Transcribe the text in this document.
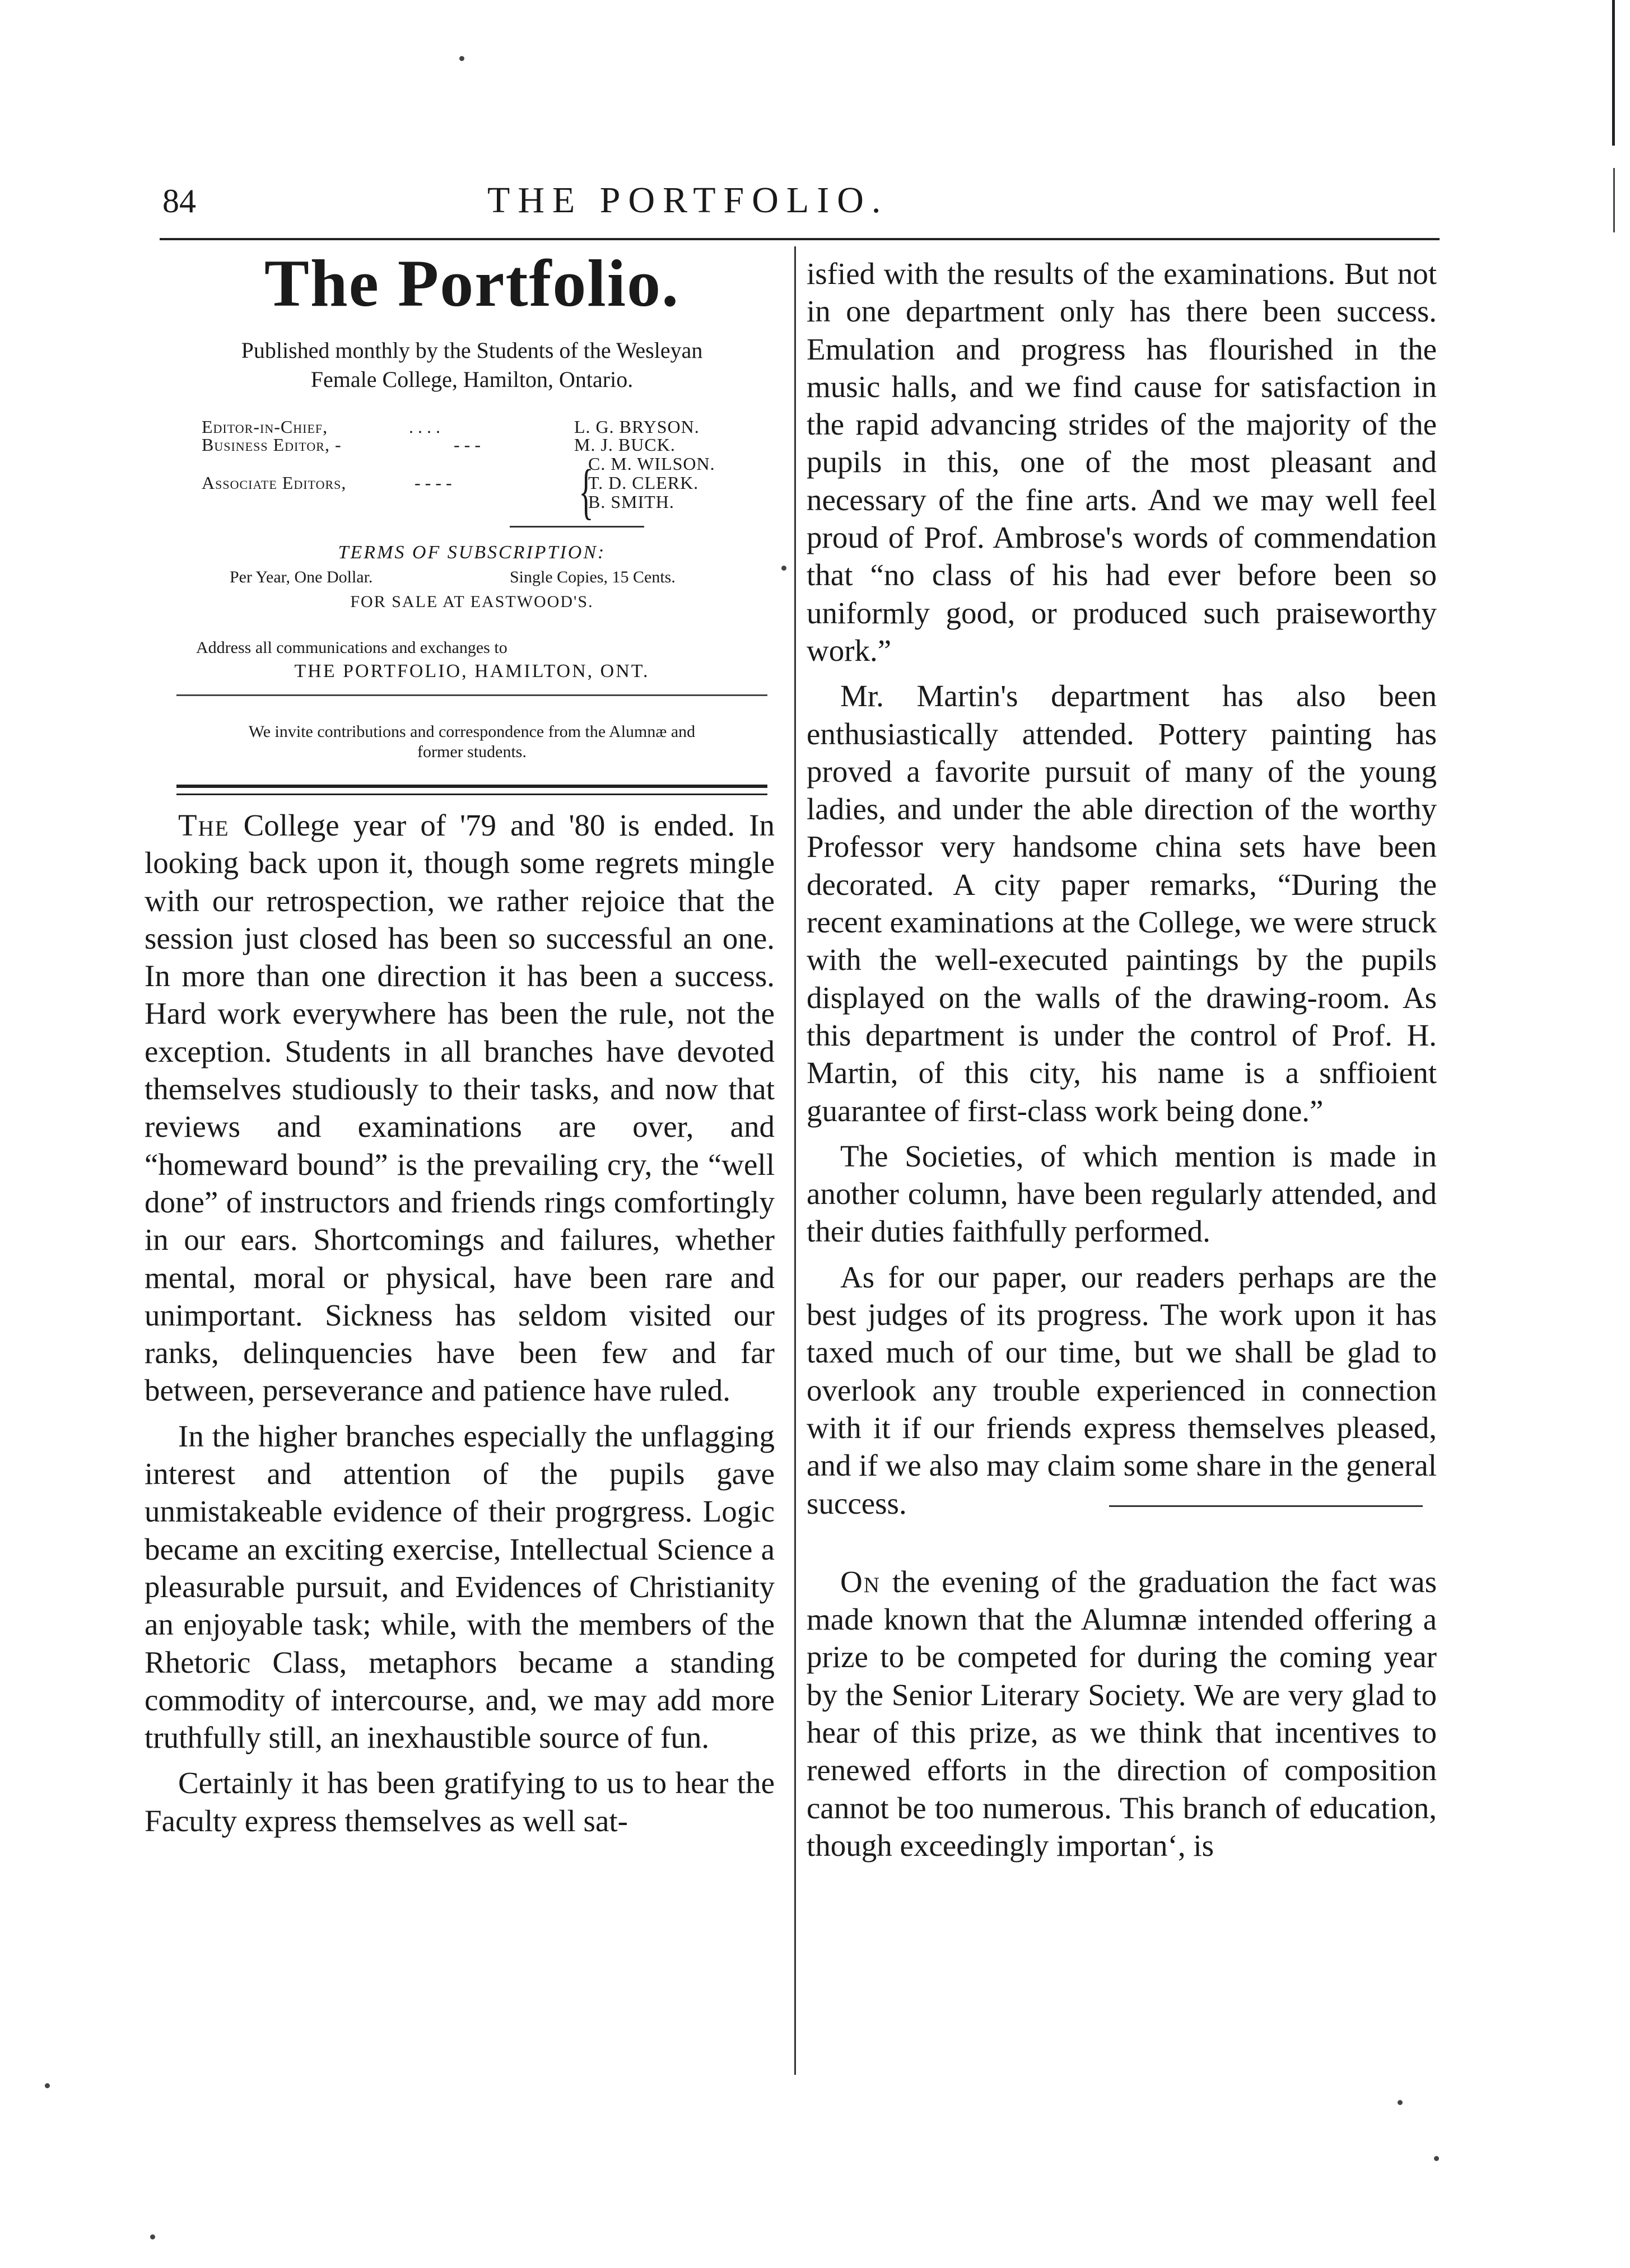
84	THE PORTFOLIO.
The Portfolio.
Published monthly by the Students of the Wesleyan
Female College, Hamilton, Ontario.
Editor-in-Chief,	. . . .	L. G. BRYSON.
Business Editor, -	- - -	M. J. BUCK.
Associate Editors,	- - - - {
C. M. WILSON.
T. D. CLERK.
B. SMITH.
TERMS OF SUBSCRIPTION:
Per Year, One Dollar.	Single Copies, 15 Cents.
FOR SALE AT EASTWOOD'S.
Address all communications and exchanges to
THE PORTFOLIO, HAMILTON, ONT.
We invite contributions and correspondence from the Alumnæ and
former students.

The College year of '79 and '80 is ended. In looking back upon it, though some regrets mingle with our retrospection, we rather rejoice that the session just closed has been so successful an one. In more than one direction it has been a success. Hard work everywhere has been the rule, not the exception. Students in all branches have devoted themselves studiously to their tasks, and now that reviews and examinations are over, and “homeward bound” is the prevailing cry, the “well done” of instructors and friends rings comfortingly in our ears. Shortcomings and failures, whether mental, moral or physical, have been rare and unimportant. Sickness has seldom visited our ranks, delinquencies have been few and far between, perseverance and patience have ruled.

In the higher branches especially the unflagging interest and attention of the pupils gave unmistakeable evidence of their progrgress. Logic became an exciting exercise, Intellectual Science a pleasurable pursuit, and Evidences of Christianity an enjoyable task; while, with the members of the Rhetoric Class, metaphors became a standing commodity of intercourse, and, we may add more truthfully still, an inexhaustible source of fun.

Certainly it has been gratifying to us to hear the Faculty express themselves as well sat-

isfied with the results of the examinations. But not in one department only has there been success. Emulation and progress has flourished in the music halls, and we find cause for satisfaction in the rapid advancing strides of the majority of the pupils in this, one of the most pleasant and necessary of the fine arts. And we may well feel proud of Prof. Ambrose's words of commendation that “no class of his had ever before been so uniformly good, or produced such praiseworthy work.”

Mr. Martin's department has also been enthusiastically attended. Pottery painting has proved a favorite pursuit of many of the young ladies, and under the able direction of the worthy Professor very handsome china sets have been decorated. A city paper remarks, “During the recent examinations at the College, we were struck with the well-executed paintings by the pupils displayed on the walls of the drawing-room. As this department is under the control of Prof. H. Martin, of this city, his name is a snffioient guarantee of first-class work being done.”

The Societies, of which mention is made in another column, have been regularly attended, and their duties faithfully performed.

As for our paper, our readers perhaps are the best judges of its progress. The work upon it has taxed much of our time, but we shall be glad to overlook any trouble experienced in connection with it if our friends express themselves pleased, and if we also may claim some share in the general success.

On the evening of the graduation the fact was made known that the Alumnæ intended offering a prize to be competed for during the coming year by the Senior Literary Society. We are very glad to hear of this prize, as we think that incentives to renewed efforts in the direction of composition cannot be too numerous. This branch of education, though exceedingly importan‘, is
